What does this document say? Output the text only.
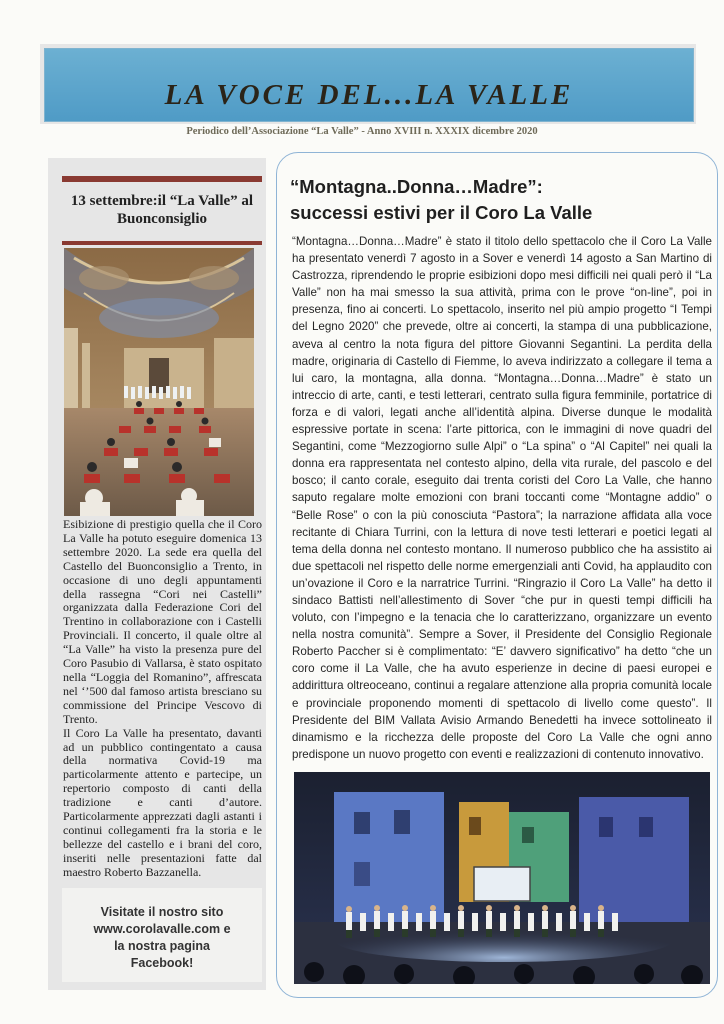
LA VOCE DEL...LA VALLE
Periodico dell’Associazione “La Valle” - Anno XVIII n. XXXIX dicembre 2020
13 settembre:il “La Valle” al Buonconsiglio

Esibizione di prestigio quella che il Coro La Valle ha potuto eseguire domenica 13 settembre 2020. La sede era quella del Castello del Buonconsiglio a Trento, in occasione di uno degli appuntamenti della rassegna “Cori nei Castelli” organizzata dalla Federazione Cori del Trentino in collaborazione con i Castelli Provinciali. Il concerto, il quale oltre al “La Valle” ha visto la presenza pure del Coro Pasubio di Vallarsa, è stato ospitato nella “Loggia del Romanino”, affrescata nel ‘’500 dal famoso artista bresciano su commissione del Principe Vescovo di Trento.

Il Coro La Valle ha presentato, davanti ad un pubblico contingentato a causa della normativa Covid-19 ma particolarmente attento e partecipe, un repertorio composto di canti della tradizione e canti d’autore. Particolarmente apprezzati dagli astanti i continui collegamenti fra la storia e le bellezze del castello e i brani del coro, inseriti nelle presentazioni fatte dal maestro Roberto Bazzanella.

Visitate il nostro sito
www.corolavalle.com e
la nostra pagina
Facebook!
“Montagna..Donna…Madre”:
successi estivi per il Coro La Valle

“Montagna…Donna…Madre” è stato il titolo dello spettacolo che il Coro La Valle ha presentato venerdì 7 agosto in a Sover e venerdì 14 agosto a San Martino di Castrozza, riprendendo le proprie esibizioni dopo mesi difficili nei quali però il “La Valle” non ha mai smesso la sua attività, prima con le prove “on-line”, poi in presenza, fino ai concerti. Lo spettacolo, inserito nel più ampio progetto “I Tempi del Legno 2020” che prevede, oltre ai concerti, la stampa di una pubblicazione, aveva al centro la nota figura del pittore Giovanni Segantini. La perdita della madre, originaria di Castello di Fiemme, lo aveva indirizzato a collegare il tema a lui caro, la montagna, alla donna. “Montagna…Donna…Madre” è stato un intreccio di arte, canti, e testi letterari, centrato sulla figura femminile, portatrice di forza e di valori, legati anche all’identità alpina. Diverse dunque le modalità espressive portate in scena: l’arte pittorica, con le immagini di nove quadri del Segantini, come “Mezzogiorno sulle Alpi” o “La spina” o “Al Capitel” nei quali la donna era rappresentata nel contesto alpino, della vita rurale, del pascolo e del bosco; il canto corale, eseguito dai trenta coristi del Coro La Valle, che hanno saputo regalare molte emozioni con brani toccanti come “Montagne addio” o “Belle Rose” o con la più conosciuta “Pastora”; la narrazione affidata alla voce recitante di Chiara Turrini, con la lettura di nove testi letterari e poetici legati al tema della donna nel contesto montano. Il numeroso pubblico che ha assistito ai due spettacoli nel rispetto delle norme emergenziali anti Covid, ha applaudito con un’ovazione il Coro e la narratrice Turrini. “Ringrazio il Coro La Valle” ha detto il sindaco Battisti nell’allestimento di Sover “che pur in questi tempi difficili ha voluto, con l’impegno e la tenacia che lo caratterizzano, organizzare un evento nella nostra comunità”. Sempre a Sover, il Presidente del Consiglio Regionale Roberto Paccher si è complimentato: “E’ davvero significativo” ha detto “che un coro come il La Valle, che ha avuto esperienze in decine di paesi europei e addirittura oltreoceano, continui a regalare attenzione alla propria comunità locale e provinciale proponendo momenti di spettacolo di livello come questo”. Il Presidente del BIM Vallata Avisio Armando Benedetti ha invece sottolineato il dinamismo e la ricchezza delle proposte del Coro La Valle che ogni anno predispone un nuovo progetto con eventi e realizzazioni di contenuto innovativo.
